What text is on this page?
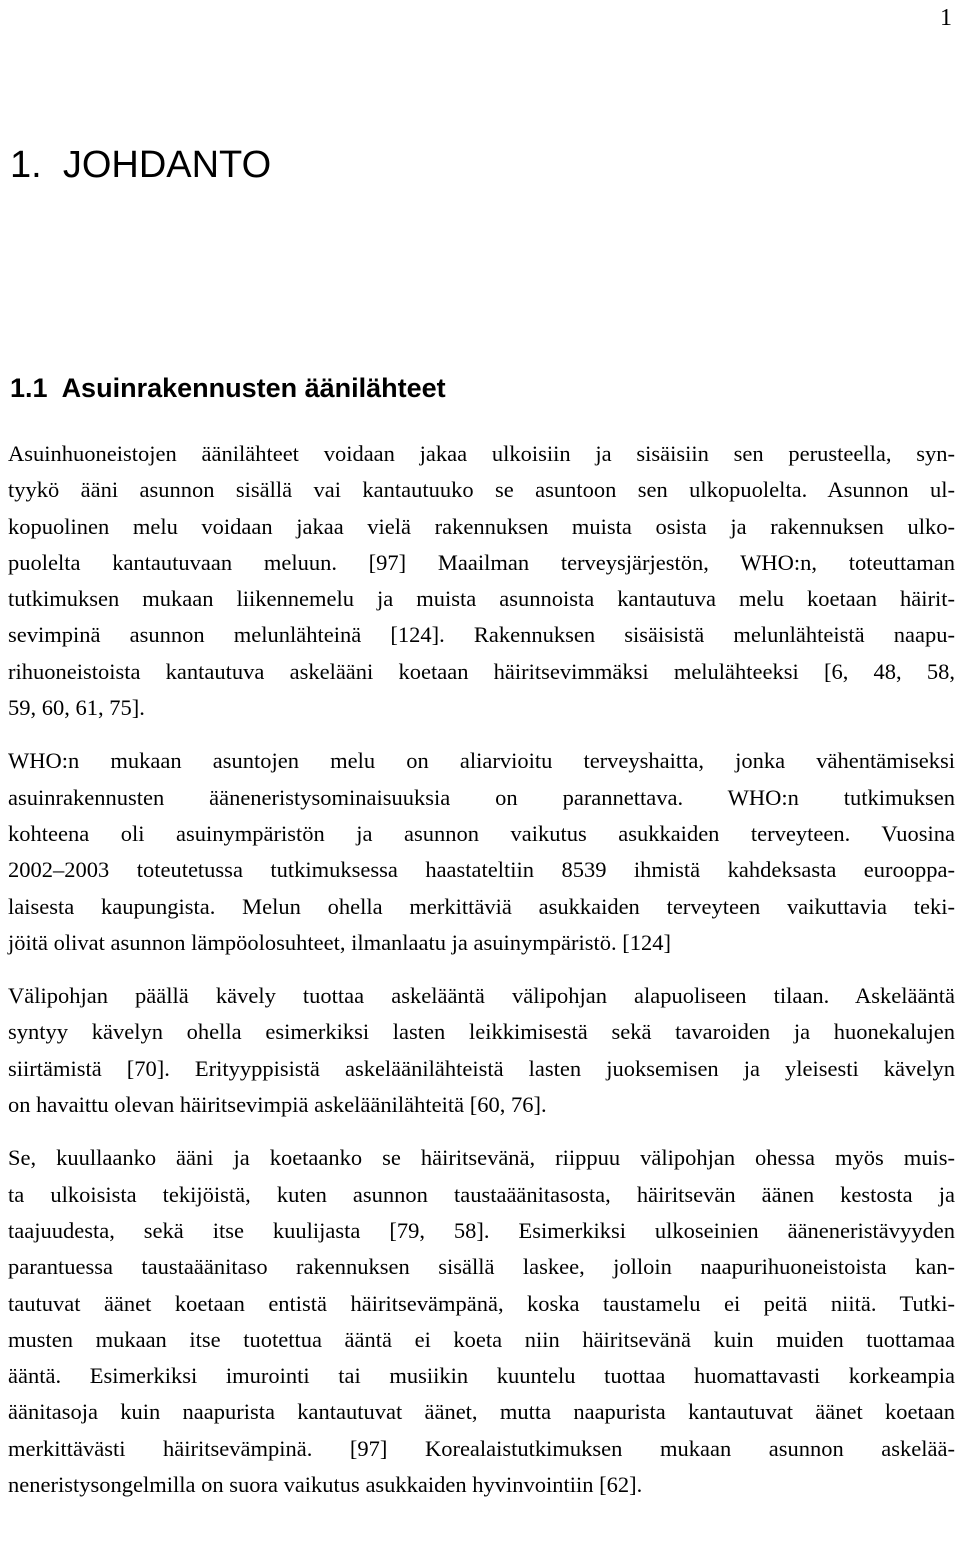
1
1. JOHDANTO
1.1 Asuinrakennusten äänilähteet
Asuinhuoneistojen äänilähteet voidaan jakaa ulkoisiin ja sisäisiin sen perusteella, syn-
tyykö ääni asunnon sisällä vai kantautuuko se asuntoon sen ulkopuolelta. Asunnon ul-
kopuolinen melu voidaan jakaa vielä rakennuksen muista osista ja rakennuksen ulko-
puolelta kantautuvaan meluun. [97] Maailman terveysjärjestön, WHO:n, toteuttaman
tutkimuksen mukaan liikennemelu ja muista asunnoista kantautuva melu koetaan häirit-
sevimpinä asunnon melunlähteinä [124]. Rakennuksen sisäisistä melunlähteistä naapu-
rihuoneistoista kantautuva askelääni koetaan häiritsevimmäksi melulähteeksi [6, 48, 58,
59, 60, 61, 75].
WHO:n mukaan asuntojen melu on aliarvioitu terveyshaitta, jonka vähentämiseksi
asuinrakennusten ääneneristysominaisuuksia on parannettava. WHO:n tutkimuksen
kohteena oli asuinympäristön ja asunnon vaikutus asukkaiden terveyteen. Vuosina
2002–2003 toteutetussa tutkimuksessa haastateltiin 8539 ihmistä kahdeksasta eurooppa-
laisesta kaupungista. Melun ohella merkittäviä asukkaiden terveyteen vaikuttavia teki-
jöitä olivat asunnon lämpöolosuhteet, ilmanlaatu ja asuinympäristö. [124]
Välipohjan päällä kävely tuottaa askelääntä välipohjan alapuoliseen tilaan. Askelääntä
syntyy kävelyn ohella esimerkiksi lasten leikkimisestä sekä tavaroiden ja huonekalujen
siirtämistä [70]. Erityyppisistä askeläänilähteistä lasten juoksemisen ja yleisesti kävelyn
on havaittu olevan häiritsevimpiä askeläänilähteitä [60, 76].
Se, kuullaanko ääni ja koetaanko se häiritsevänä, riippuu välipohjan ohessa myös muis-
ta ulkoisista tekijöistä, kuten asunnon taustaäänitasosta, häiritsevän äänen kestosta ja
taajuudesta, sekä itse kuulijasta [79, 58]. Esimerkiksi ulkoseinien ääneneristävyyden
parantuessa taustaäänitaso rakennuksen sisällä laskee, jolloin naapurihuoneistoista kan-
tautuvat äänet koetaan entistä häiritsevämpänä, koska taustamelu ei peitä niitä. Tutki-
musten mukaan itse tuotettua ääntä ei koeta niin häiritsevänä kuin muiden tuottamaa
ääntä. Esimerkiksi imurointi tai musiikin kuuntelu tuottaa huomattavasti korkeampia
äänitasoja kuin naapurista kantautuvat äänet, mutta naapurista kantautuvat äänet koetaan
merkittävästi häiritsevämpinä. [97] Korealaistutkimuksen mukaan asunnon askelää-
neneristysongelmilla on suora vaikutus asukkaiden hyvinvointiin [62].
